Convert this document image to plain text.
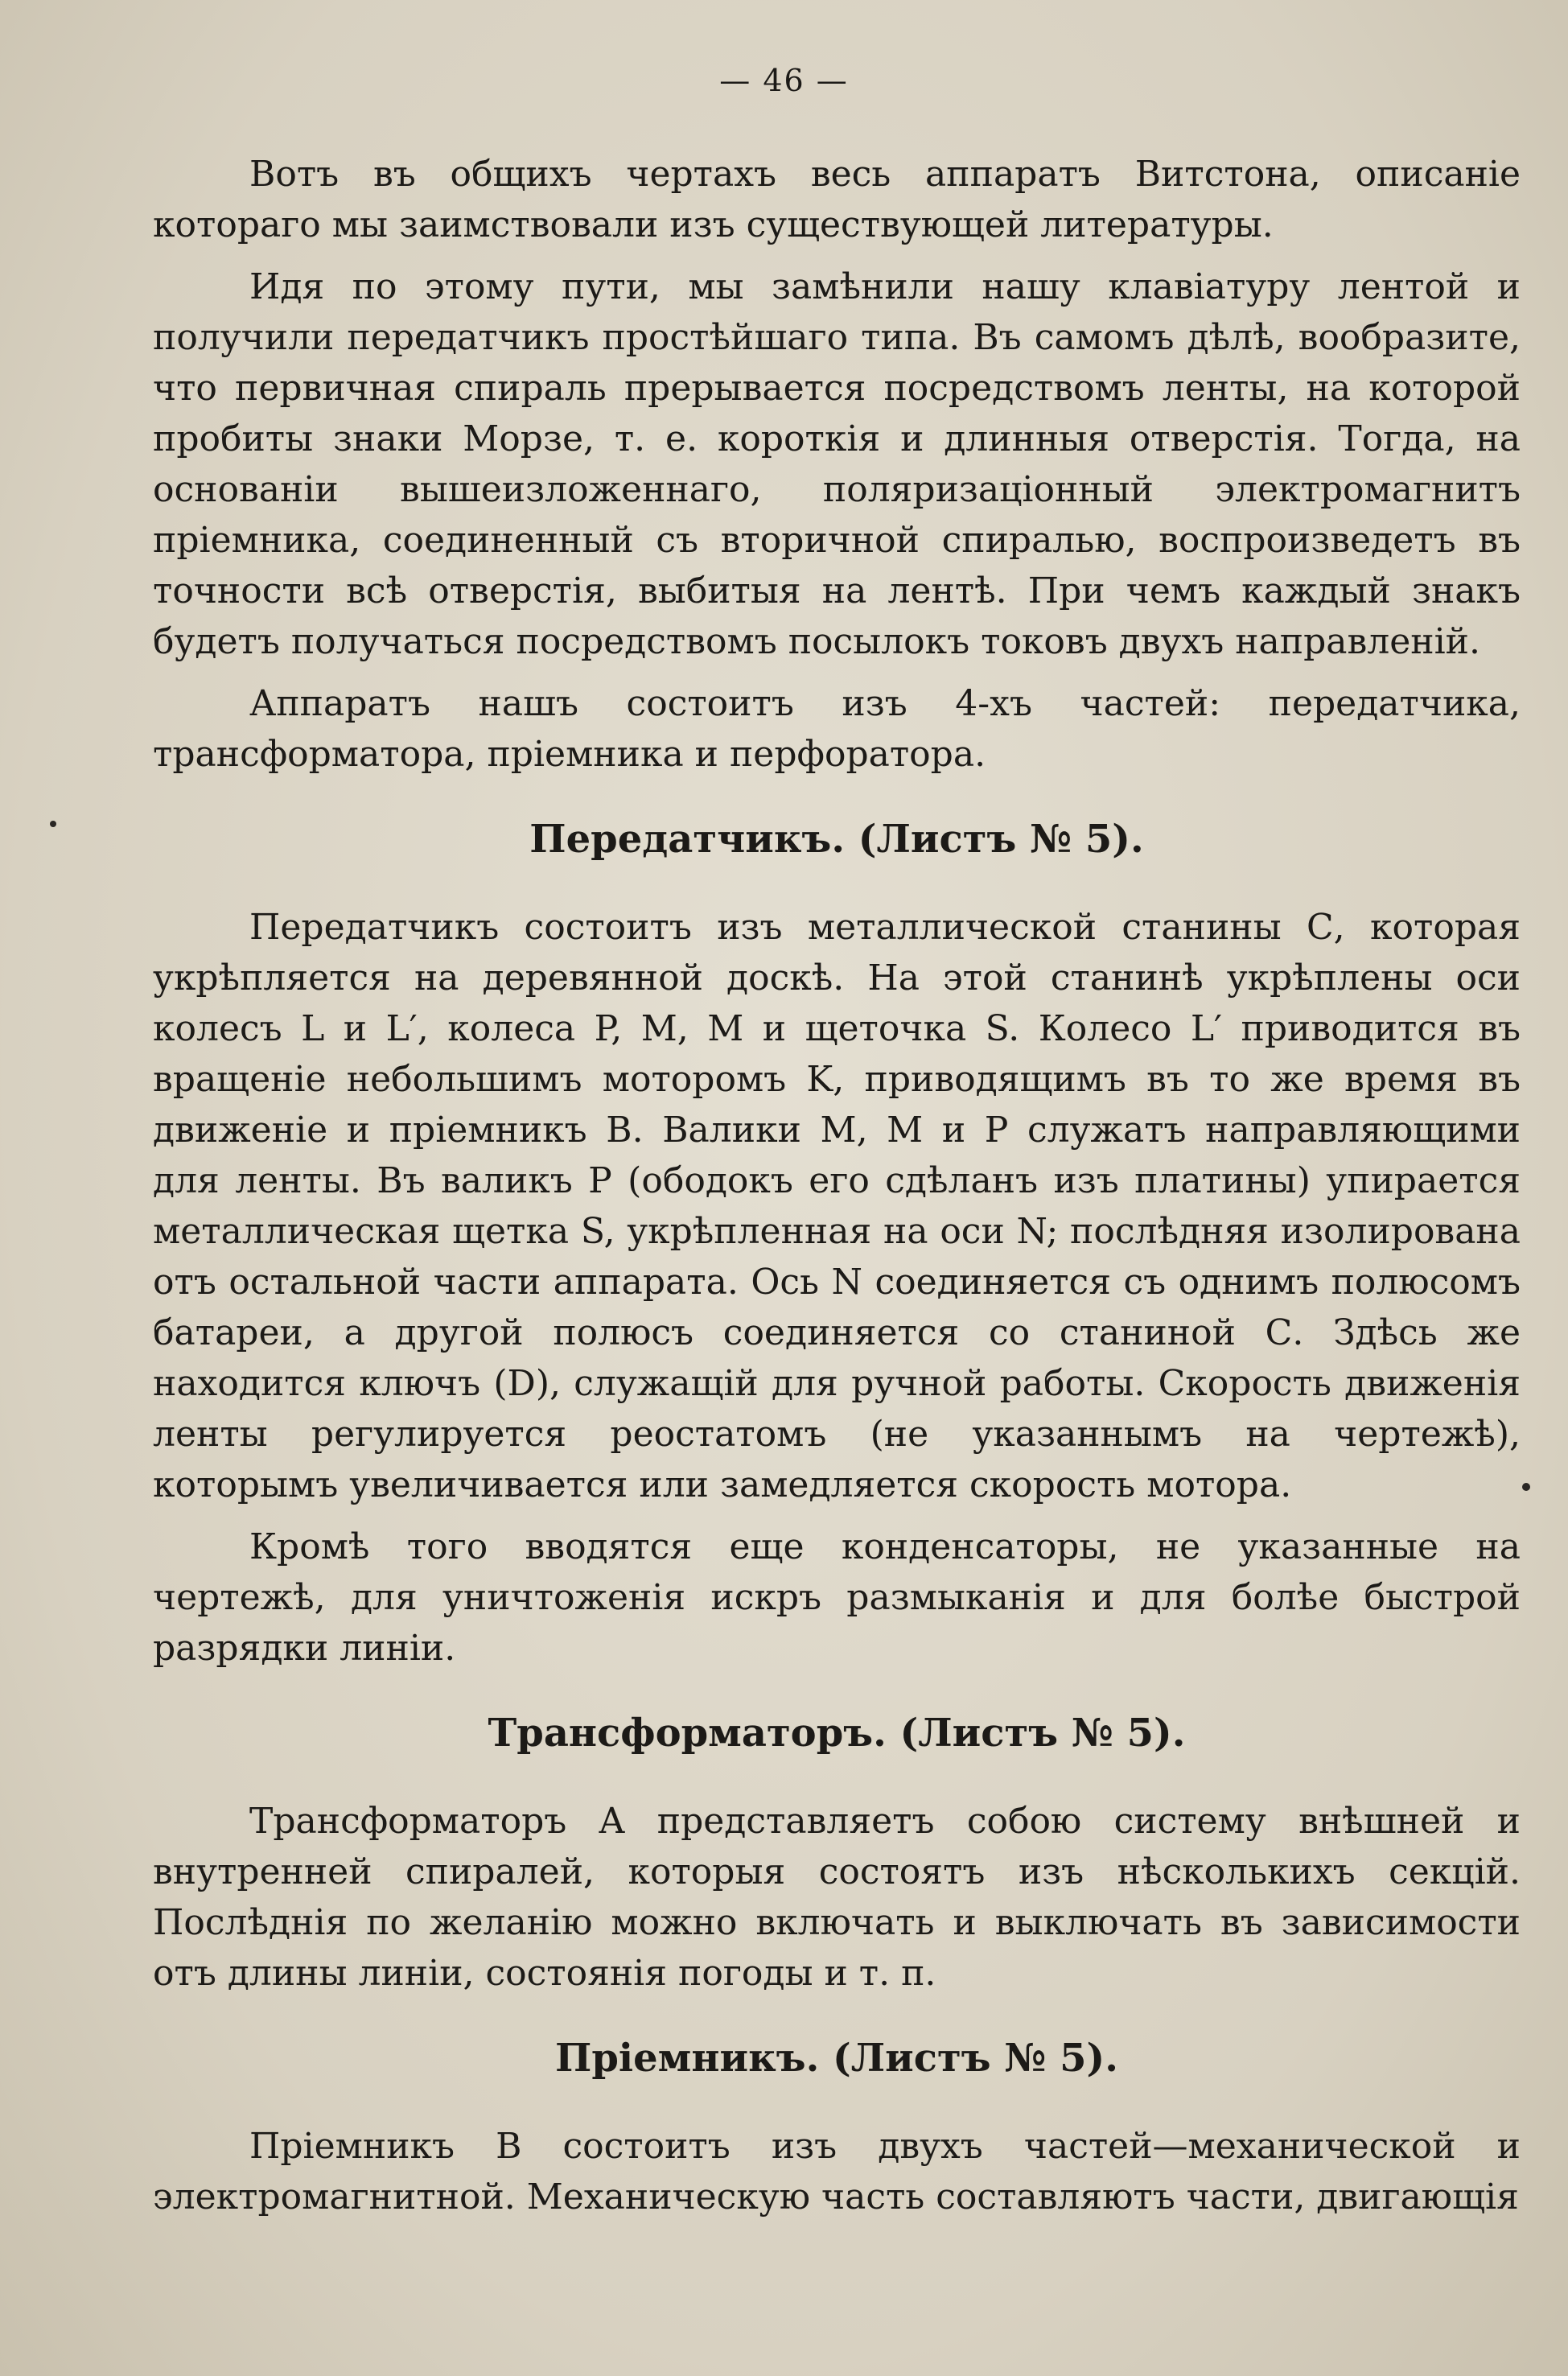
— 46 —

Вотъ въ общихъ чертахъ весь аппаратъ Витстона, описаніе котораго мы заимствовали изъ существующей литературы.

Идя по этому пути, мы замѣнили нашу клавіатуру лентой и получили передатчикъ простѣйшаго типа. Въ самомъ дѣлѣ, вообразите, что первичная спираль прерывается посредствомъ ленты, на которой пробиты знаки Морзе, т. е. короткія и длинныя отверстія. Тогда, на основаніи вышеизложеннаго, поляризаціонный электромагнитъ пріемника, соединенный съ вторичной спиралью, воспроизведетъ въ точности всѣ отверстія, выбитыя на лентѣ. При чемъ каждый знакъ будетъ получаться посредствомъ посылокъ токовъ двухъ направленій.

Аппаратъ нашъ состоитъ изъ 4-хъ частей: передатчика, трансформатора, пріемника и перфоратора.

Передатчикъ. (Листъ № 5).

Передатчикъ состоитъ изъ металлической станины С, которая укрѣпляется на деревянной доскѣ. На этой станинѣ укрѣплены оси колесъ L и L′, колеса P, M, M и щеточка S. Колесо L′ приводится въ вращеніе небольшимъ моторомъ K, приводящимъ въ то же время въ движеніе и пріемникъ B. Валики M, M и P служатъ направляющими для ленты. Въ валикъ P (ободокъ его сдѣланъ изъ платины) упирается металлическая щетка S, укрѣпленная на оси N; послѣдняя изолирована отъ остальной части аппарата. Ось N соединяется съ однимъ полюсомъ батареи, а другой полюсъ соединяется со станиной С. Здѣсь же находится ключъ (D), служащій для ручной работы. Скорость движенія ленты регулируется реостатомъ (не указаннымъ на чертежѣ), которымъ увеличивается или замедляется скорость мотора.

Кромѣ того вводятся еще конденсаторы, не указанные на чертежѣ, для уничтоженія искръ размыканія и для болѣе быстрой разрядки линіи.

Трансформаторъ. (Листъ № 5).

Трансформаторъ A представляетъ собою систему внѣшней и внутренней спиралей, которыя состоятъ изъ нѣсколькихъ секцій. Послѣднія по желанію можно включать и выключать въ зависимости отъ длины линіи, состоянія погоды и т. п.

Пріемникъ. (Листъ № 5).

Пріемникъ B состоитъ изъ двухъ частей—механической и электромагнитной. Механическую часть составляютъ части, двигающія
